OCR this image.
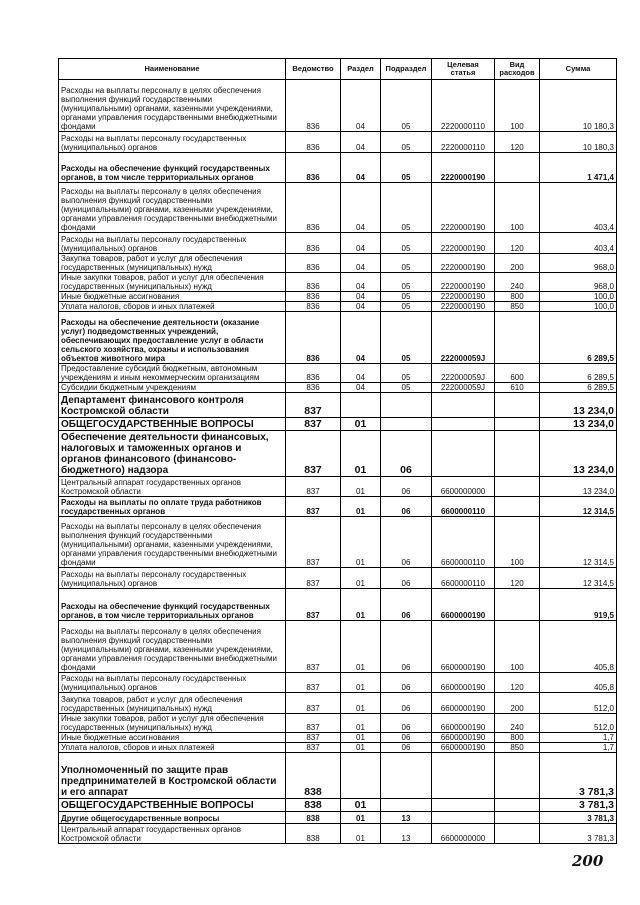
Наименование	Ведомство	Раздел	Подраздел	Целевая статья	Вид расходов	Сумма
Расходы на выплаты персоналу в целях обеспечения выполнения функций государственными (муниципальными) органами, казенными учреждениями, органами управления государственными внебюджетными фондами	836	04	05	2220000110	100	10 180,3
Расходы на выплаты персоналу государственных (муниципальных) органов	836	04	05	2220000110	120	10 180,3
Расходы на обеспечение функций государственных органов, в том числе территориальных органов	836	04	05	2220000190		1 471,4
Расходы на выплаты персоналу в целях обеспечения выполнения функций государственными (муниципальными) органами, казенными учреждениями, органами управления государственными внебюджетными фондами	836	04	05	2220000190	100	403,4
Расходы на выплаты персоналу государственных (муниципальных) органов	836	04	05	2220000190	120	403,4
Закупка товаров, работ и услуг для обеспечения государственных (муниципальных) нужд	836	04	05	2220000190	200	968,0
Иные закупки товаров, работ и услуг для обеспечения государственных (муниципальных) нужд	836	04	05	2220000190	240	968,0
Иные бюджетные ассигнования	836	04	05	2220000190	800	100,0
Уплата налогов, сборов и иных платежей	836	04	05	2220000190	850	100,0
Расходы на обеспечение деятельности (оказание услуг) подведомственных учреждений, обеспечивающих предоставление услуг в области сельского хозяйства, охраны и использования объектов животного мира	836	04	05	222000059J		6 289,5
Предоставление субсидий бюджетным, автономным учреждениям и иным некоммерческим организациям	836	04	05	222000059J	600	6 289,5
Субсидии бюджетным учреждениям	836	04	05	222000059J	610	6 289,5
Департамент финансового контроля Костромской области	837					13 234,0
ОБЩЕГОСУДАРСТВЕННЫЕ ВОПРОСЫ	837	01				13 234,0
Обеспечение деятельности финансовых, налоговых и таможенных органов и органов финансового (финансово-бюджетного) надзора	837	01	06			13 234,0
Центральный аппарат государственных органов Костромской области	837	01	06	6600000000		13 234,0
Расходы на выплаты по оплате труда работников государственных органов	837	01	06	6600000110		12 314,5
Расходы на выплаты персоналу в целях обеспечения выполнения функций государственными (муниципальными) органами, казенными учреждениями, органами управления государственными внебюджетными фондами	837	01	06	6600000110	100	12 314,5
Расходы на выплаты персоналу государственных (муниципальных) органов	837	01	06	6600000110	120	12 314,5
Расходы на обеспечение функций государственных органов, в том числе территориальных органов	837	01	06	6600000190		919,5
Расходы на выплаты персоналу в целях обеспечения выполнения функций государственными (муниципальными) органами, казенными учреждениями, органами управления государственными внебюджетными фондами	837	01	06	6600000190	100	405,8
Расходы на выплаты персоналу государственных (муниципальных) органов	837	01	06	6600000190	120	405,8
Закупка товаров, работ и услуг для обеспечения государственных (муниципальных) нужд	837	01	06	6600000190	200	512,0
Иные закупки товаров, работ и услуг для обеспечения государственных (муниципальных) нужд	837	01	06	6600000190	240	512,0
Иные бюджетные ассигнования	837	01	06	6600000190	800	1,7
Уплата налогов, сборов и иных платежей	837	01	06	6600000190	850	1,7
Уполномоченный по защите прав предпринимателей в Костромской области и его аппарат	838					3 781,3
ОБЩЕГОСУДАРСТВЕННЫЕ ВОПРОСЫ	838	01				3 781,3
Другие общегосударственные вопросы	838	01	13			3 781,3
Центральный аппарат государственных органов Костромской области	838	01	13	6600000000		3 781,3
200
